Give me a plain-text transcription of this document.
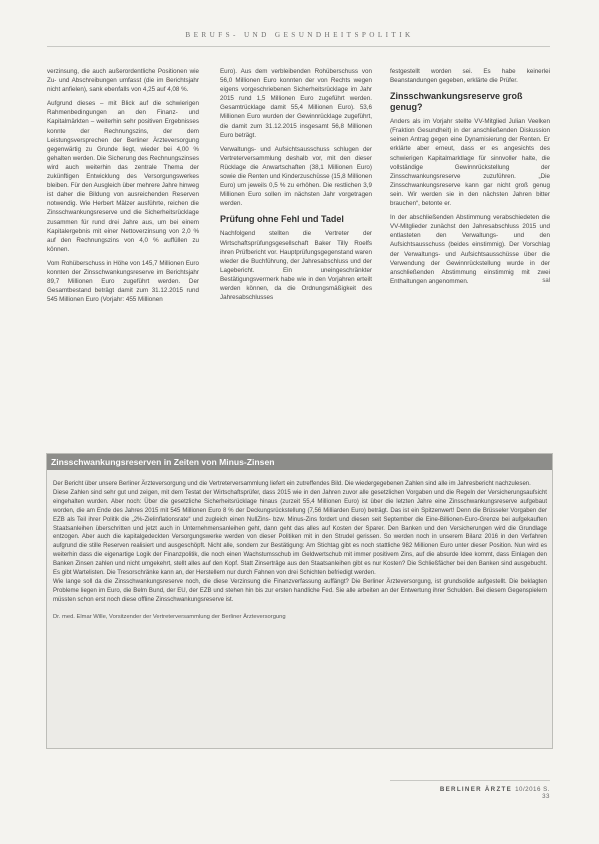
BERUFS- UND GESUNDHEITSPOLITIK

verzinsung, die auch außerordentliche Positionen wie Zu- und Abschreibungen umfasst (die im Berichtsjahr nicht anfielen), sank ebenfalls von 4,25 auf 4,08 %.

Aufgrund dieses – mit Blick auf die schwierigen Rahmenbedingungen an den Finanz- und Kapitalmärkten – weiterhin sehr positiven Ergebnisses konnte der Rechnungszins, der dem Leistungsversprechen der Berliner Ärzteversorgung gegenwärtig zu Grunde liegt, wieder bei 4,00 % gehalten werden. Die Sicherung des Rechnungszinses wird auch weiterhin das zentrale Thema der zukünftigen Entwicklung des Versorgungswerkes bleiben. Für den Ausgleich über mehrere Jahre hinweg ist daher die Bildung von ausreichenden Reserven notwendig. Wie Herbert Mälzer ausführte, reichen die Zinsschwankungsreserve und die Sicherheitsrücklage zusammen für rund drei Jahre aus, um bei einem Kapitalergebnis mit einer Nettoverzinsung von 2,0 % auf den Rechnungszins von 4,0 % auffüllen zu können.

Vom Rohüberschuss in Höhe von 145,7 Millionen Euro konnten der Zinsschwankungsreserve im Berichtsjahr 89,7 Millionen Euro zugeführt werden. Der Gesamtbestand beträgt damit zum 31.12.2015 rund 545 Millionen Euro (Vorjahr: 455 Millionen

Euro). Aus dem verbleibenden Rohüberschuss von 56,0 Millionen Euro konnten der von Rechts wegen eigens vorgeschriebenen Sicherheitsrücklage im Jahr 2015 rund 1,5 Millionen Euro zugeführt werden. Gesamtrücklage damit 55,4 Millionen Euro). 53,6 Millionen Euro wurden der Gewinnrücklage zugeführt, die damit zum 31.12.2015 insgesamt 56,8 Millionen Euro beträgt.

Verwaltungs- und Aufsichtsausschuss schlugen der Vertreterversammlung deshalb vor, mit den dieser Rücklage die Anwartschaften (38,1 Millionen Euro) sowie die Renten und Kinderzuschüsse (15,8 Millionen Euro) um jeweils 0,5 % zu erhöhen. Die restlichen 3,9 Millionen Euro sollen im nächsten Jahr vorgetragen werden.

Prüfung ohne Fehl und Tadel

Nachfolgend stellten die Vertreter der Wirtschaftsprüfungsgesellschaft Baker Tilly Roelfs ihren Prüfbericht vor. Hauptprüfungsgegenstand waren wieder die Buchführung, der Jahresabschluss und der Lagebericht. Ein uneingeschränkter Bestätigungsvermerk habe wie in den Vorjahren erteilt werden können, da die Ordnungsmäßigkeit des Jahresabschlusses

festgestellt worden sei. Es habe keinerlei Beanstandungen gegeben, erklärte die Prüfer.

Zinsschwankungsreserve groß genug?

Anders als im Vorjahr stellte VV-Mitglied Julian Veelken (Fraktion Gesundheit) in der anschließenden Diskussion seinen Antrag gegen eine Dynamisierung der Renten. Er erklärte aber erneut, dass er es angesichts des schwierigen Kapitalmarktlage für sinnvoller halte, die vollständige Gewinnrückstellung der Zinsschwankungsreserve zuzuführen. „Die Zinsschwankungsreserve kann gar nicht groß genug sein. Wir werden sie in den nächsten Jahren bitter brauchen“, betonte er.

In der abschließenden Abstimmung verabschiedeten die VV-Mitglieder zunächst den Jahresabschluss 2015 und entlasteten den Verwaltungs- und den Aufsichtsausschuss (beides einstimmig). Der Vorschlag der Verwaltungs- und Aufsichtsausschüsse über die Verwendung der Gewinnrückstellung wurde in der anschließenden Abstimmung einstimmig mit zwei Enthaltungen angenommen.	sal

Zinsschwankungsreserven in Zeiten von Minus-Zinsen

Der Bericht über unsere Berliner Ärzteversorgung und die Vertreterversammlung liefert ein zutreffendes Bild. Die wiedergegebenen Zahlen sind alle im Jahresbericht nachzulesen.

Diese Zahlen sind sehr gut und zeigen, mit dem Testat der Wirtschaftsprüfer, dass 2015 wie in den Jahren zuvor alle gesetzlichen Vorgaben und die Regeln der Versicherungsaufsicht eingehalten wurden. Aber noch: Über die gesetzliche Sicherheitsrücklage hinaus (zurzeit 55,4 Millionen Euro) ist über die letzten Jahre eine Zinsschwankungsreserve aufgebaut worden, die am Ende des Jahres 2015 mit 545 Millionen Euro 8 % der Deckungsrückstellung (7,56 Milliarden Euro) beträgt. Das ist ein Spitzenwert! Denn die Brüsseler Vorgaben der EZB als Teil ihrer Politik die „2%-Zielinflationsrate“ und zugleich einen NullZins- bzw. Minus-Zins fordert und diesen seit September die Eine-Billionen-Euro-Grenze bei aufgekauften Staatsanleihen überschritten und jetzt auch in Unternehmensanleihen geht, dann geht das alles auf Kosten der Sparer. Den Banken und den Versicherungen wird die Grundlage entzogen. Aber auch die kapitalgedeckten Versorgungswerke werden von dieser Politiken mit in den Strudel gerissen. So werden noch in unserem Bilanz 2016 in den Verfahren aufgrund die stille Reserven realisiert und ausgeschöpft. Nicht alle, sondern zur Bestätigung: Am Stichtag gibt es noch stattliche 982 Millionen Euro unter dieser Position. Nun wird es weiterhin dass die eigenartige Logik der Finanzpolitik, die noch einen Wachstumsschub im Geldwertschub mit immer positivem Zins, auf die absurde Idee kommt, dass Einlagen den Banken Zinsen zahlen und nicht umgekehrt, stellt alles auf den Kopf. Statt Zinserträge aus den Staatsanleihen gibt es nur Kosten? Die Schließfächer bei den Banken sind ausgebucht. Es gibt Wartelisten. Die Tresorschränke kann an, der Herstellern nur durch Fahnen von drei Schichten befriedigt werden.

Wie lange soll da die Zinsschwankungsreserve noch, die diese Verzinsung die Finanzverfassung auffängt? Die Berliner Ärzteversorgung, ist grundsolide aufgestellt. Die beklagten Probleme liegen im Euro, die Belm Bund, der EU, der EZB und stehen hin bis zur ersten handliche Fed. Sie alle arbeiten an der Entwertung ihrer Schulden. Bei diesem Gegenspielern müssten schon erst noch diese offline Zinsschwankungsreserve ist.

Dr. med. Elmar Wille, Vorsitzender der Vertreterversammlung der Berliner Ärzteversorgung

BERLINER ÄRZTE 10/2016 S. 33
